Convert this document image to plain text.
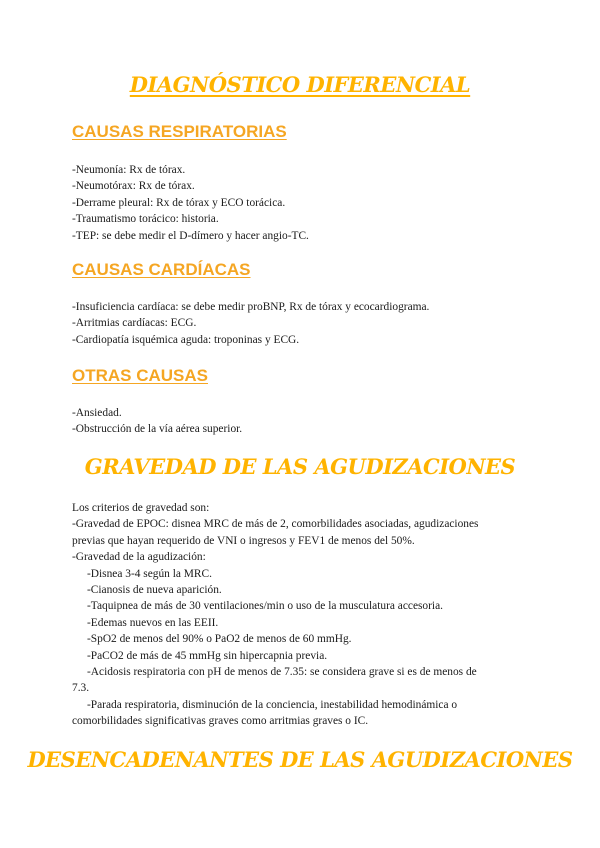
DIAGNÓSTICO DIFERENCIAL
CAUSAS RESPIRATORIAS

-Neumonía: Rx de tórax.

-Neumotórax: Rx de tórax.

-Derrame pleural: Rx de tórax y ECO torácica.

-Traumatismo torácico: historia.

-TEP: se debe medir el D-dímero y hacer angio-TC.

CAUSAS CARDÍACAS

-Insuficiencia cardíaca: se debe medir proBNP, Rx de tórax y ecocardiograma.

-Arritmias cardíacas: ECG.

-Cardiopatía isquémica aguda: troponinas y ECG.

OTRAS CAUSAS

-Ansiedad.

-Obstrucción de la vía aérea superior.

GRAVEDAD DE LAS AGUDIZACIONES

Los criterios de gravedad son:

-Gravedad de EPOC: disnea MRC de más de 2, comorbilidades asociadas, agudizaciones

previas que hayan requerido de VNI o ingresos y FEV1 de menos del 50%.

-Gravedad de la agudización:

-Disnea 3-4 según la MRC.

-Cianosis de nueva aparición.

-Taquipnea de más de 30 ventilaciones/min o uso de la musculatura accesoria.

-Edemas nuevos en las EEII.

-SpO2 de menos del 90% o PaO2 de menos de 60 mmHg.

-PaCO2 de más de 45 mmHg sin hipercapnia previa.

-Acidosis respiratoria con pH de menos de 7.35: se considera grave si es de menos de

7.3.

-Parada respiratoria, disminución de la conciencia, inestabilidad hemodinámica o

comorbilidades significativas graves como arritmias graves o IC.

DESENCADENANTES DE LAS AGUDIZACIONES
